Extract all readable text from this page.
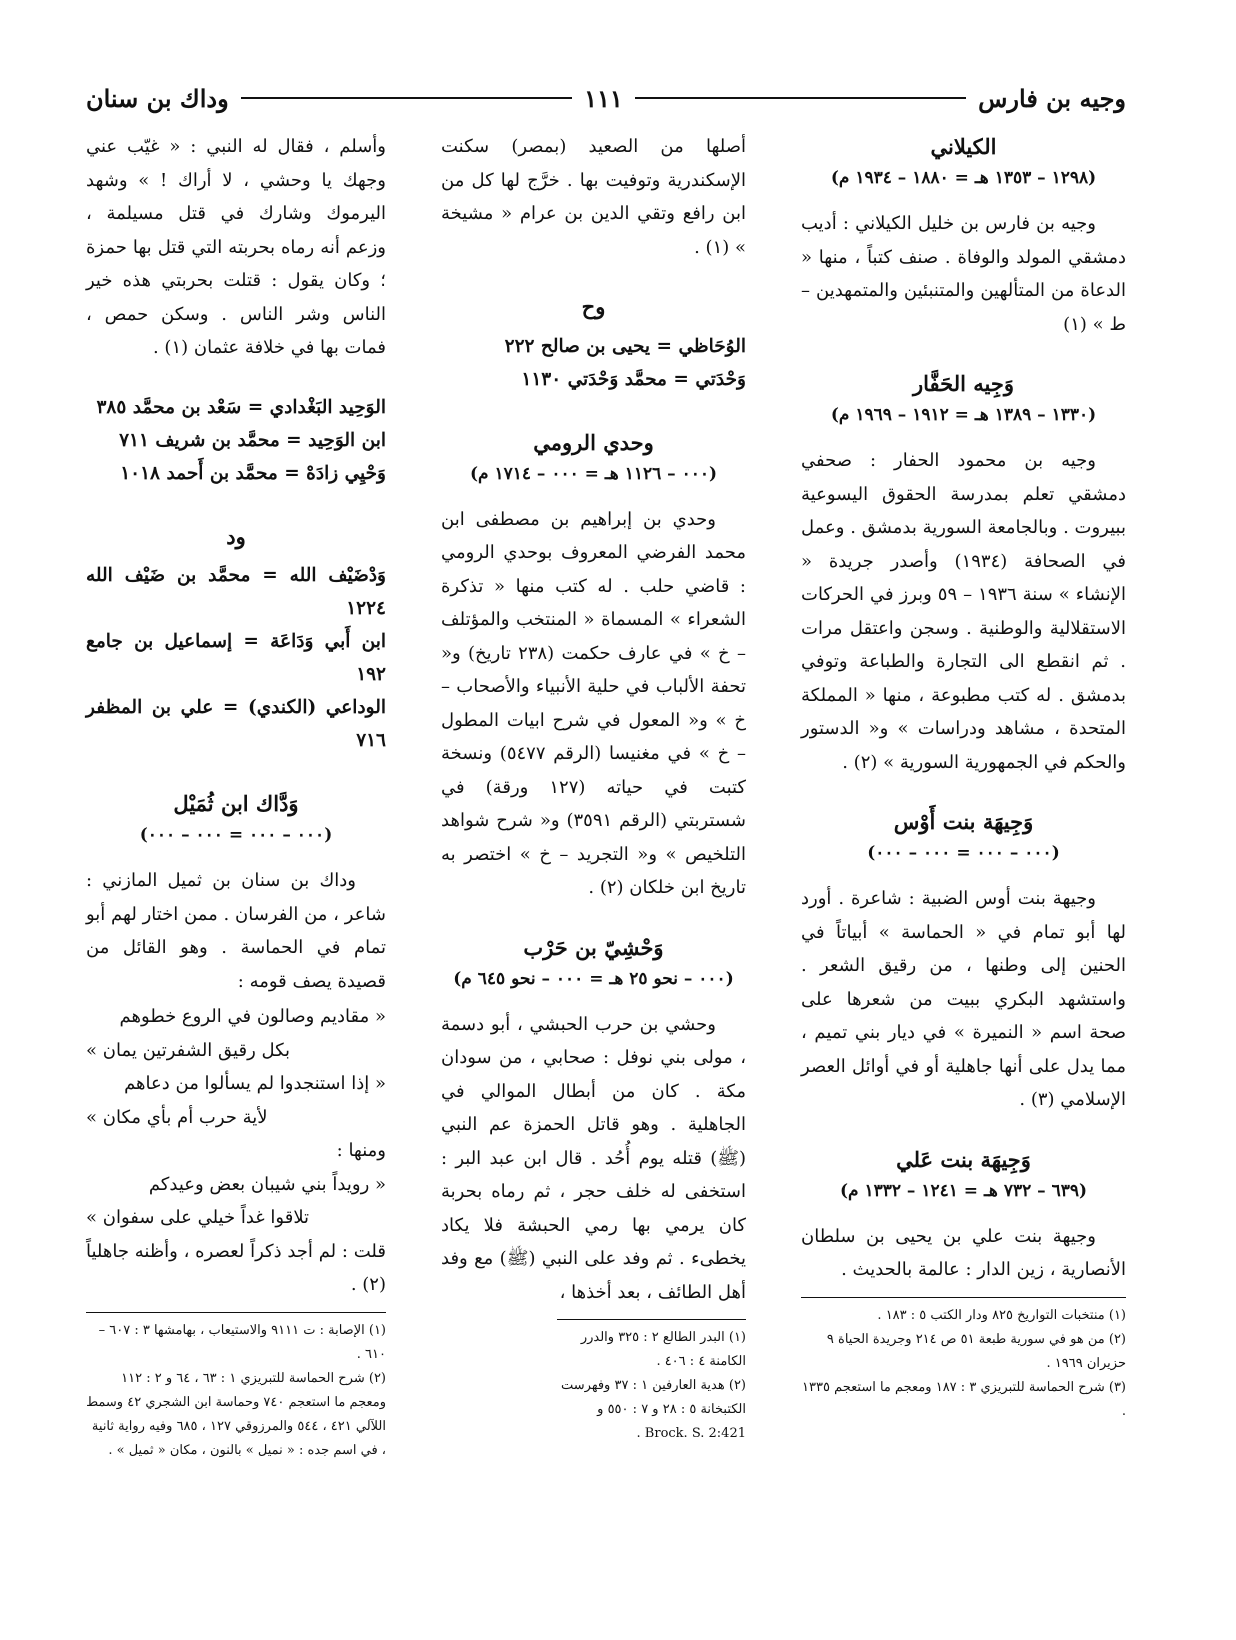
وجيه بن فارس
١١١
وداك بن سنان

الكيلاني

(١٢٩٨ – ١٣٥٣ هـ = ١٨٨٠ – ١٩٣٤ م)

وجيه بن فارس بن خليل الكيلاني : أديب دمشقي المولد والوفاة . صنف كتباً ، منها « الدعاة من المتألهين والمتنبئين والمتمهدين – ط » (١)

وَجِيه الحَفَّار

(١٣٣٠ – ١٣٨٩ هـ = ١٩١٢ – ١٩٦٩ م)

وجيه بن محمود الحفار : صحفي دمشقي تعلم بمدرسة الحقوق اليسوعية ببيروت . وبالجامعة السورية بدمشق . وعمل في الصحافة (١٩٣٤) وأصدر جريدة « الإنشاء » سنة ١٩٣٦ – ٥٩ وبرز في الحركات الاستقلالية والوطنية . وسجن واعتقل مرات . ثم انقطع الى التجارة والطباعة وتوفي بدمشق . له كتب مطبوعة ، منها « المملكة المتحدة ، مشاهد ودراسات » و« الدستور والحكم في الجمهورية السورية » (٢) .

وَجِيهَة بنت أَوْس

(٠٠٠ – ٠٠٠ = ٠٠٠ – ٠٠٠)

وجيهة بنت أوس الضبية : شاعرة . أورد لها أبو تمام في « الحماسة » أبياتاً في الحنين إلى وطنها ، من رقيق الشعر . واستشهد البكري ببيت من شعرها على صحة اسم « النميرة » في ديار بني تميم ، مما يدل على أنها جاهلية أو في أوائل العصر الإسلامي (٣) .

وَجِيهَة بنت عَلي

(٦٣٩ – ٧٣٢ هـ = ١٢٤١ – ١٣٣٢ م)

وجيهة بنت علي بن يحيى بن سلطان الأنصارية ، زين الدار : عالمة بالحديث .

(١) منتخبات التواريخ ٨٢٥ ودار الكتب ٥ : ١٨٣ .

(٢) من هو في سورية طبعة ٥١ ص ٢١٤ وجريدة الحياة ٩ حزيران ١٩٦٩ .

(٣) شرح الحماسة للتبريزي ٣ : ١٨٧ ومعجم ما استعجم ١٣٣٥ .

أصلها من الصعيد (بمصر) سكنت الإسكندرية وتوفيت بها . خرَّج لها كل من ابن رافع وتقي الدين بن عرام « مشيخة » (١) .

وح

الوُحَاظي = يحيى بن صالح ٢٢٢

وَحْدَتي = محمَّد وَحْدَتي ١١٣٠

وحدي الرومي

(٠٠٠ – ١١٢٦ هـ = ٠٠٠ – ١٧١٤ م)

وحدي بن إبراهيم بن مصطفى ابن محمد الفرضي المعروف بوحدي الرومي : قاضي حلب . له كتب منها « تذكرة الشعراء » المسماة « المنتخب والمؤتلف – خ » في عارف حكمت (٢٣٨ تاريخ) و« تحفة الألباب في حلية الأنبياء والأصحاب – خ » و« المعول في شرح ابيات المطول – خ » في مغنيسا (الرقم ٥٤٧٧) ونسخة كتبت في حياته (١٢٧ ورقة) في شستربتي (الرقم ٣٥٩١) و« شرح شواهد التلخيص » و« التجريد – خ » اختصر به تاريخ ابن خلكان (٢) .

وَحْشِيّ بن حَرْب

(٠٠٠ – نحو ٢٥ هـ = ٠٠٠ – نحو ٦٤٥ م)

وحشي بن حرب الحبشي ، أبو دسمة ، مولى بني نوفل : صحابي ، من سودان مكة . كان من أبطال الموالي في الجاهلية . وهو قاتل الحمزة عم النبي (ﷺ) قتله يوم أُحُد . قال ابن عبد البر : استخفى له خلف حجر ، ثم رماه بحربة كان يرمي بها رمي الحبشة فلا يكاد يخطىء . ثم وفد على النبي (ﷺ) مع وفد أهل الطائف ، بعد أخذها ،

(١) البدر الطالع ٢ : ٣٢٥ والدرر الكامنة ٤ : ٤٠٦ .

(٢) هدية العارفين ١ : ٣٧ وفهرست الكتبخانة ٥ : ٢٨ و ٧ : ٥٥٠ و Brock. S. 2:421 .

وأسلم ، فقال له النبي : « غيّب عني وجهك يا وحشي ، لا أراك ! » وشهد اليرموك وشارك في قتل مسيلمة ، وزعم أنه رماه بحربته التي قتل بها حمزة ؛ وكان يقول : قتلت بحربتي هذه خير الناس وشر الناس . وسكن حمص ، فمات بها في خلافة عثمان (١) .

الوَحِيد البَغْدادي = سَعْد بن محمَّد ٣٨٥

ابن الوَحِيد = محمَّد بن شريف ٧١١

وَحْيِي زادَهْ = محمَّد بن أَحمد ١٠١٨

ود

وَدْضَيْف الله = محمَّد بن ضَيْف الله ١٢٢٤

ابن أَبي وَدَاعَة = إسماعيل بن جامع ١٩٢

الوداعي (الكندي) = علي بن المظفر ٧١٦

وَدَّاك ابن ثُمَيْل

(٠٠٠ – ٠٠٠ = ٠٠٠ – ٠٠٠)

وداك بن سنان بن ثميل المازني : شاعر ، من الفرسان . ممن اختار لهم أبو تمام في الحماسة . وهو القائل من قصيدة يصف قومه :

« مقاديم وصالون في الروع خطوهم

بكل رقيق الشفرتين يمان »

« إذا استنجدوا لم يسألوا من دعاهم

لأية حرب أم بأي مكان »

ومنها :

« رويداً بني شيبان بعض وعيدكم

تلاقوا غداً خيلي على سفوان »

قلت : لم أجد ذكراً لعصره ، وأظنه جاهلياً (٢) .

(١) الإصابة : ت ٩١١١ والاستيعاب ، بهامشها ٣ : ٦٠٧ – ٦١٠ .

(٢) شرح الحماسة للتبريزي ١ : ٦٣ ، ٦٤ و ٢ : ١١٢ ومعجم ما استعجم ٧٤٠ وحماسة ابن الشجري ٤٢ وسمط اللآلي ٤٢١ ، ٥٤٤ والمرزوقي ١٢٧ ، ٦٨٥ وفيه رواية ثانية ، في اسم جده : « نميل » بالنون ، مكان « ثميل » .
